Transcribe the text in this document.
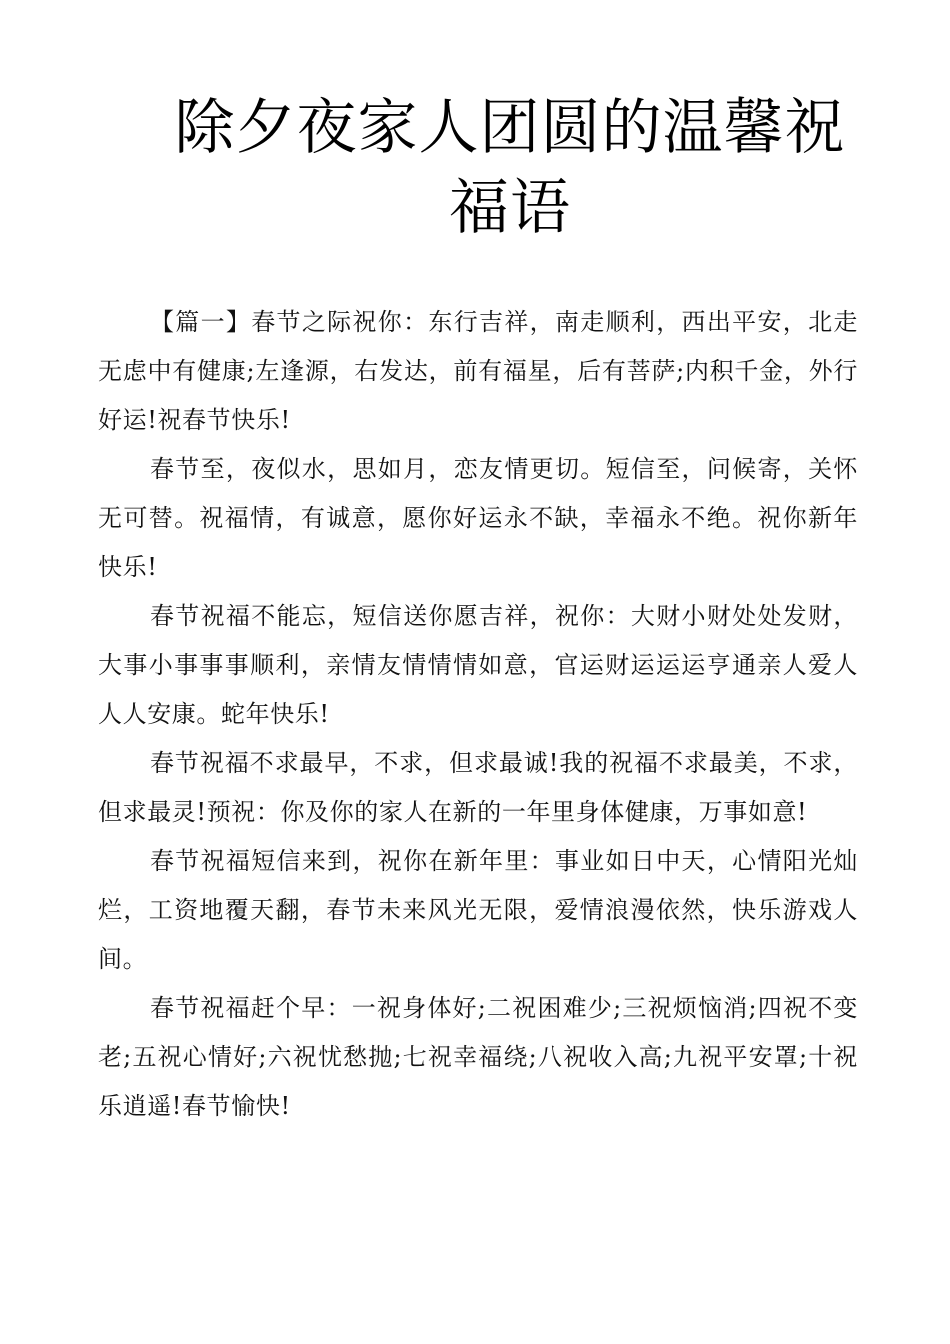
除夕夜家人团圆的温馨祝福语

【篇一】春节之际祝你：东行吉祥，南走顺利，西出平安，北走无虑中有健康;左逢源，右发达，前有福星，后有菩萨;内积千金，外行好运!祝春节快乐!

春节至，夜似水，思如月，恋友情更切。短信至，问候寄，关怀无可替。祝福情，有诚意，愿你好运永不缺，幸福永不绝。祝你新年快乐!

春节祝福不能忘，短信送你愿吉祥，祝你：大财小财处处发财，大事小事事事顺利，亲情友情情情如意，官运财运运运亨通亲人爱人人人安康。蛇年快乐!

春节祝福不求最早，不求，但求最诚!我的祝福不求最美，不求，但求最灵!预祝：你及你的家人在新的一年里身体健康，万事如意!

春节祝福短信来到，祝你在新年里：事业如日中天，心情阳光灿烂，工资地覆天翻，春节未来风光无限，爱情浪漫依然，快乐游戏人间。

春节祝福赶个早：一祝身体好;二祝困难少;三祝烦恼消;四祝不变老;五祝心情好;六祝忧愁抛;七祝幸福绕;八祝收入高;九祝平安罩;十祝乐逍遥!春节愉快!
